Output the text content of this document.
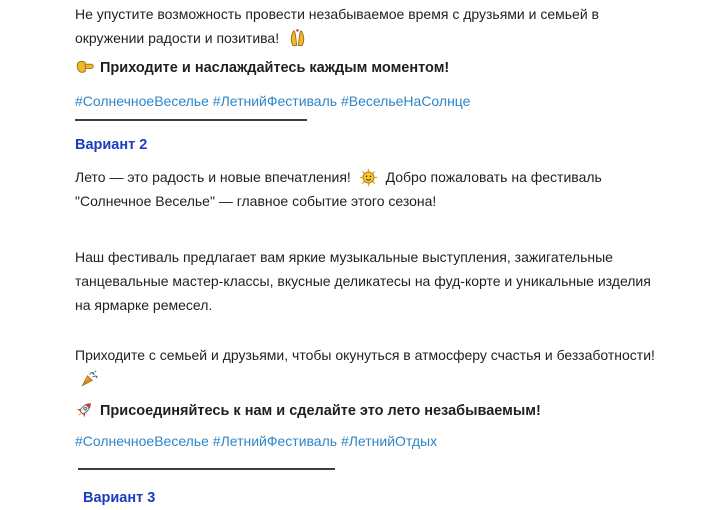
Не упустите возможность провести незабываемое время с друзьями и семьей в окружении радости и позитива!

Приходите и наслаждайтесь каждым моментом!

#СолнечноеВеселье #ЛетнийФестиваль #ВесельеНаСолнце

Вариант 2

Лето — это радость и новые впечатления! Добро пожаловать на фестиваль "Солнечное Веселье" — главное событие этого сезона!

Наш фестиваль предлагает вам яркие музыкальные выступления, зажигательные танцевальные мастер-классы, вкусные деликатесы на фуд-корте и уникальные изделия на ярмарке ремесел.

Приходите с семьей и друзьями, чтобы окунуться в атмосферу счастья и беззаботности!

Присоединяйтесь к нам и сделайте это лето незабываемым!

#СолнечноеВеселье #ЛетнийФестиваль #ЛетнийОтдых

Вариант 3
